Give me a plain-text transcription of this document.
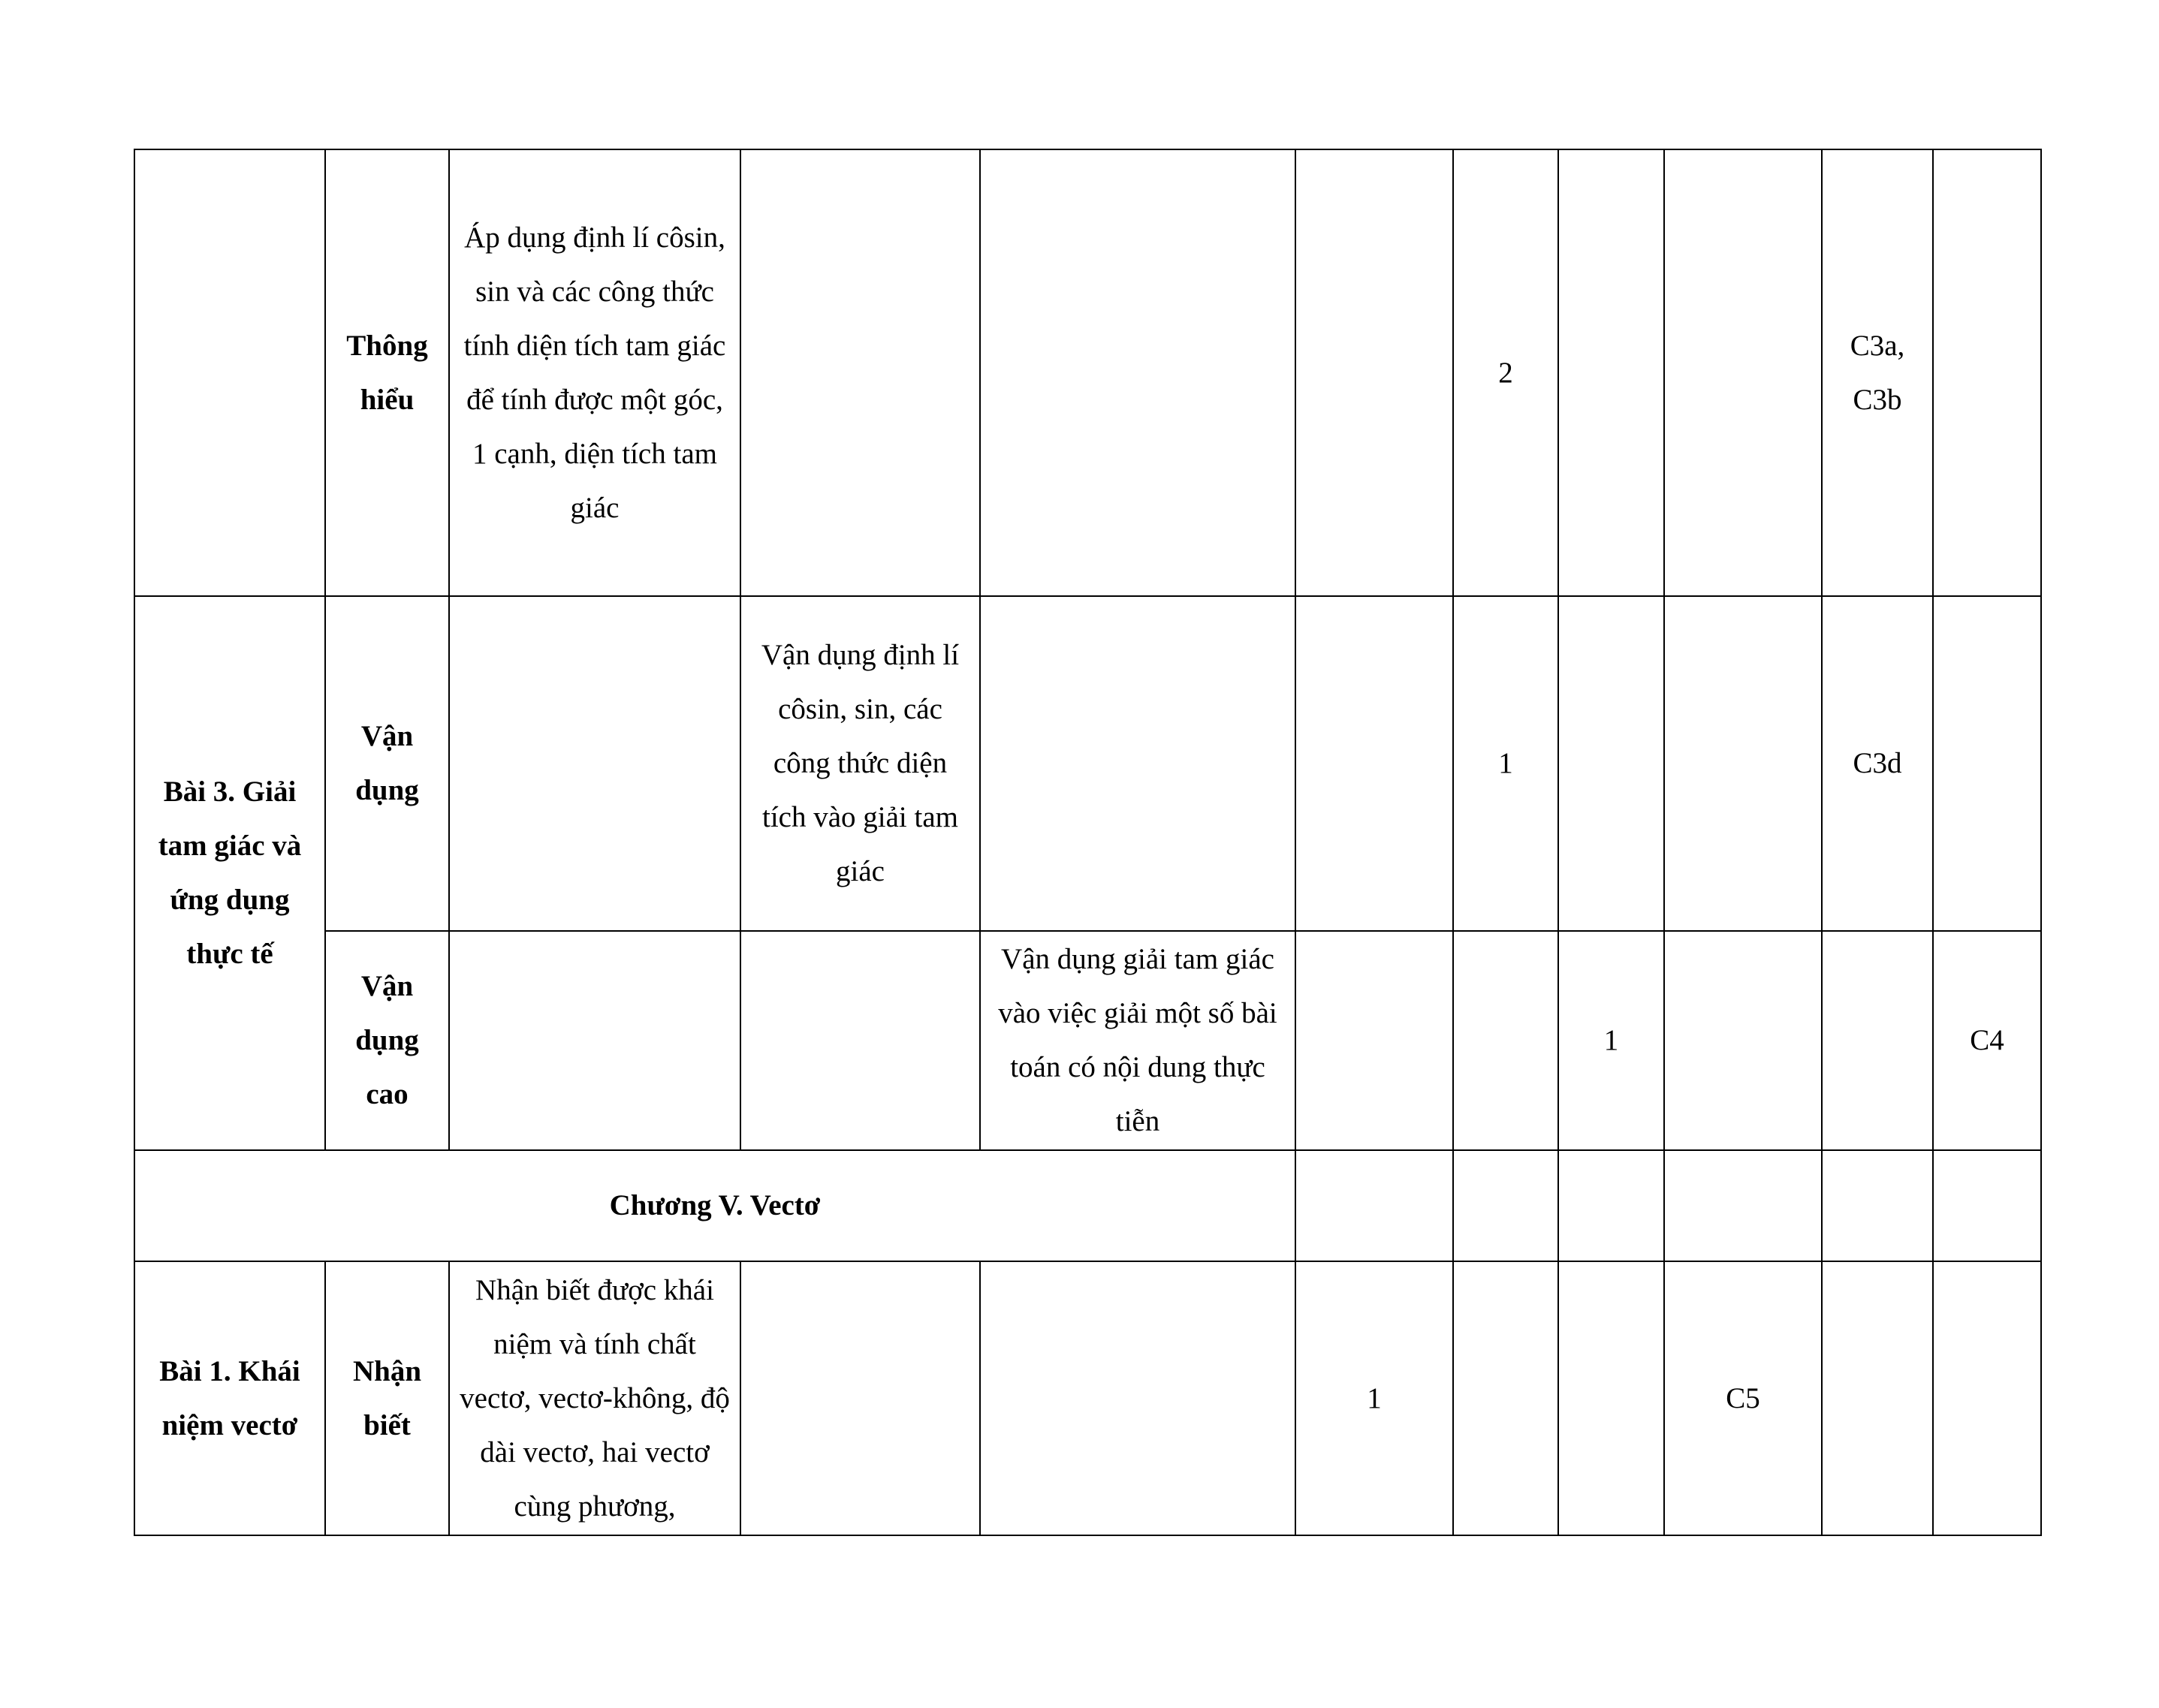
	Thông hiểu	Áp dụng định lí côsin, sin và các công thức tính diện tích tam giác để tính được một góc, 1 cạnh, diện tích tam giác				2			C3a, C3b	
Bài 3. Giải tam giác và ứng dụng thực tế	Vận dụng		Vận dụng định lí côsin, sin, các công thức diện tích vào giải tam giác			1			C3d	
	Vận dụng cao			Vận dụng giải tam giác vào việc giải một số bài toán có nội dung thực tiễn			1			C4
Chương V. Vectơ										
Bài 1. Khái niệm vectơ	Nhận biết	Nhận biết được khái niệm và tính chất vectơ, vectơ-không, độ dài vectơ, hai vectơ cùng phương,			1			C5		
